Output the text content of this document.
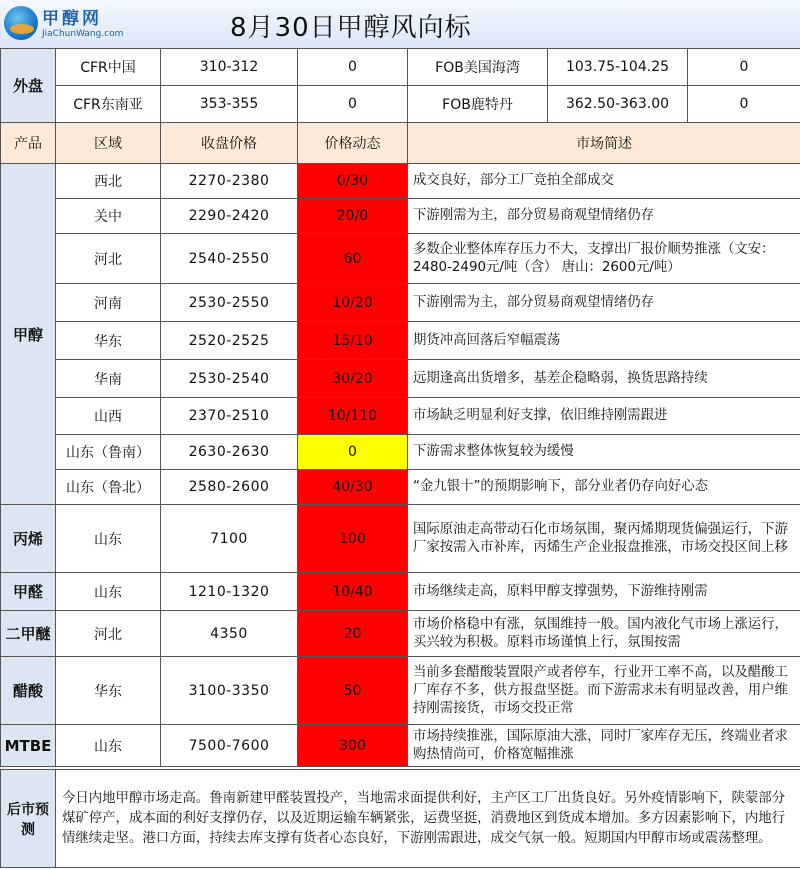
甲醇网
JiaChunWang.com	8月30日甲醇风向标
外盘	CFR中国	310-312	0	FOB美国海湾	103.75-104.25	0
	CFR东南亚	353-355	0	FOB鹿特丹	362.50-363.00	0
产品	区域	收盘价格	价格动态	市场简述
甲醇	西北	2270-2380	0/30	成交良好，部分工厂竞拍全部成交
	关中	2290-2420	20/0	下游刚需为主，部分贸易商观望情绪仍存
	河北	2540-2550	60	多数企业整体库存压力不大，支撑出厂报价顺势推涨（文安：2480-2490元/吨（含） 唐山：2600元/吨）
	河南	2530-2550	10/20	下游刚需为主，部分贸易商观望情绪仍存
	华东	2520-2525	15/10	期货冲高回落后窄幅震荡
	华南	2530-2540	30/20	远期逢高出货增多，基差企稳略弱，换货思路持续
	山西	2370-2510	10/110	市场缺乏明显利好支撑，依旧维持刚需跟进
	山东（鲁南）	2630-2630	0	下游需求整体恢复较为缓慢
	山东（鲁北）	2580-2600	40/30	“金九银十”的预期影响下，部分业者仍存向好心态
丙烯	山东	7100	100	国际原油走高带动石化市场氛围，聚丙烯期现货偏强运行，下游厂家按需入市补库，丙烯生产企业报盘推涨，市场交投区间上移
甲醛	山东	1210-1320	10/40	市场继续走高，原料甲醇支撑强势，下游维持刚需
二甲醚	河北	4350	20	市场价格稳中有涨，氛围维持一般。国内液化气市场上涨运行，买兴较为积极。原料市场谨慎上行，氛围按需
醋酸	华东	3100-3350	50	当前多套醋酸装置限产或者停车，行业开工率不高，以及醋酸工厂库存不多，供方报盘坚挺。而下游需求未有明显改善，用户维持刚需接货，市场交投正常
MTBE	山东	7500-7600	300	市场持续推涨，国际原油大涨，同时厂家库存无压，终端业者求购热情尚可，价格宽幅推涨
后市预测	今日内地甲醇市场走高。鲁南新建甲醛装置投产，当地需求面提供利好，主产区工厂出货良好。另外疫情影响下，陕蒙部分煤矿停产，成本面的利好支撑仍存，以及近期运输车辆紧张，运费坚挺，消费地区到货成本增加。多方因素影响下，内地行情继续走坚。港口方面，持续去库支撑有货者心态良好，下游刚需跟进，成交气氛一般。短期国内甲醇市场或震荡整理。
